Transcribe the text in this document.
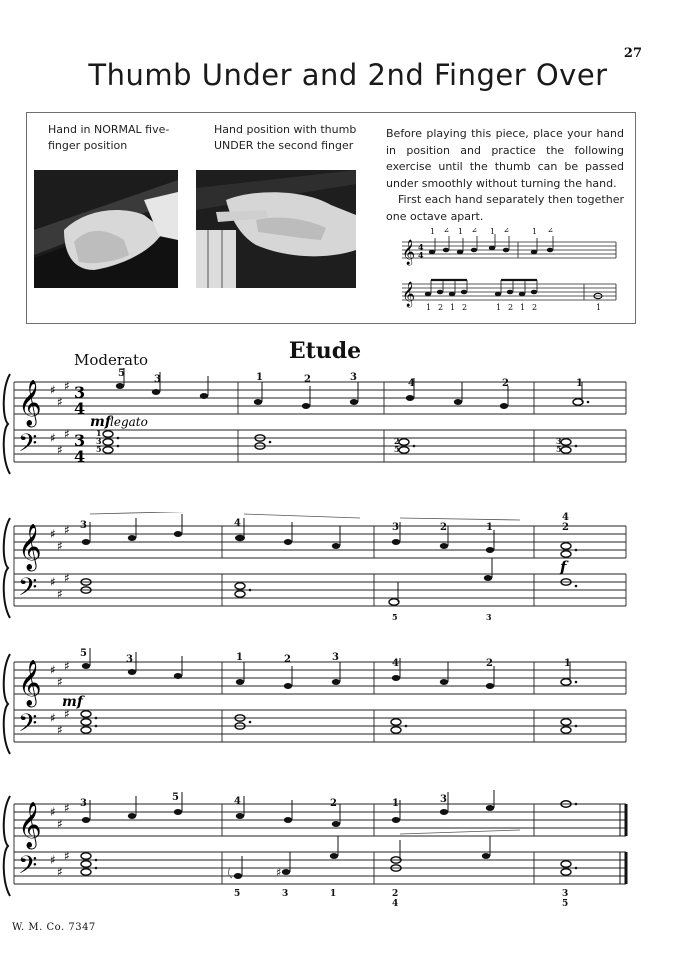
27
Thumb Under and 2nd Finger Over
Hand in NORMAL five-finger position
Hand position with thumb UNDER the second finger

Before playing this piece, place your hand in position and practice the following exercise until the thumb can be passed under smoothly without turning the hand.

First each hand separately then together one octave apart.

𝄞
𝄞
4
4
1 2 1 2 1 2	1 2
1 2 1 2	1 2 1 2	1
Etude
Moderato
𝄞
𝄢
♯
♯
♯
♯
♯
♯
3
4
3
4
5
3	1	2	3
4	2	1
1
3
5
2
5
3
5
mf legato
𝄞
𝄢
♯
♯
♯
♯
♯
♯
3	4	3	2	1
4
2
5	3
f
𝄞
𝄢
♯
♯
♯
♯
♯
♯
5
3	1	2	3
4	2	1
mf
𝄞
𝄢
♯
♯
♯
♯
♯
♯
♯
3
5	4	2	1	3
5	3	1	2
4
3
5
W. M. Co. 7347
